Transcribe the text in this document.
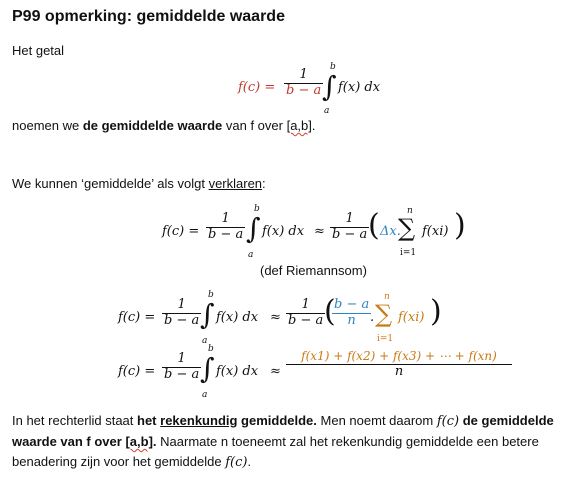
P99 opmerking: gemiddelde waarde
Het getal
$f(c) = \frac{1}{b - a}$
b
∫
a
f(x) dx
noemen we de gemiddelde waarde van f over [a,b].
We kunnen ‘gemiddelde’ als volgt verklaren:
$f(c) = \frac{1}{b - a}$
b
∫
a
f(x) dx ≈ $\frac{1}{b - a}$
( Δx.
n
∑
i=1
f(xi) )
(def Riemannsom)
$f(c) = \frac{1}{b - a}$
b
∫
a
f(x) dx ≈ $\frac{1}{b - a}$
(
$\frac{b - a}{n}$
.
n
∑
i=1
f(xi) )
$f(c) = \frac{1}{b - a}$
b
∫
a
f(x) dx ≈ $\frac{f(x1) + f(x2) + f(x3) + \cdots + f(xn)}{n}$
In het rechterlid staat het rekenkundig gemiddelde. Men noemt daarom f(c) de gemiddelde
waarde van f over [a,b]. Naarmate n toeneemt zal het rekenkundig gemiddelde een betere
benadering zijn voor het gemiddelde f(c).
